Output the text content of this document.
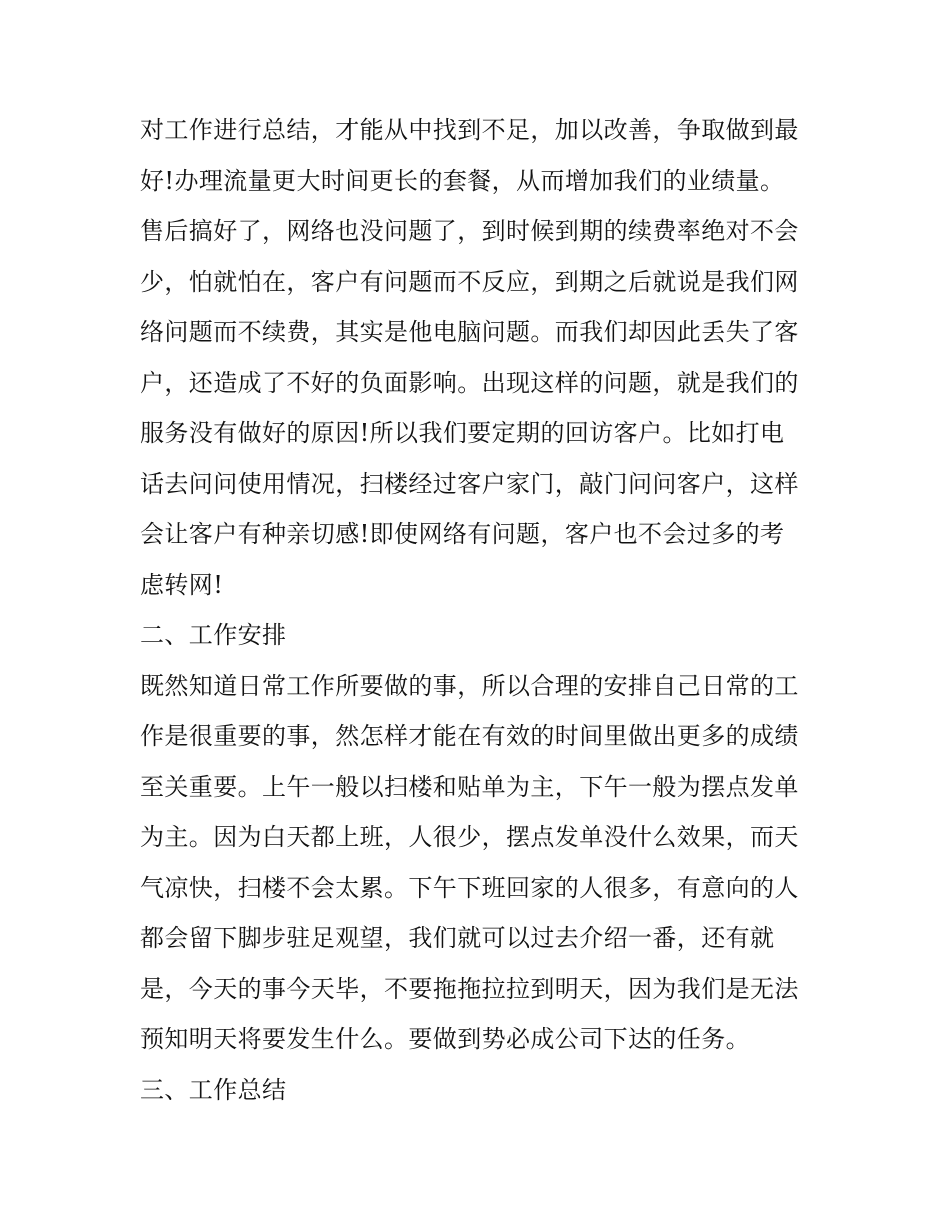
对工作进行总结，才能从中找到不足，加以改善，争取做到最
好!办理流量更大时间更长的套餐，从而增加我们的业绩量。
售后搞好了，网络也没问题了，到时候到期的续费率绝对不会
少，怕就怕在，客户有问题而不反应，到期之后就说是我们网
络问题而不续费，其实是他电脑问题。而我们却因此丢失了客
户，还造成了不好的负面影响。出现这样的问题，就是我们的
服务没有做好的原因!所以我们要定期的回访客户。比如打电
话去问问使用情况，扫楼经过客户家门，敲门问问客户，这样
会让客户有种亲切感!即使网络有问题，客户也不会过多的考
虑转网!
二、工作安排
既然知道日常工作所要做的事，所以合理的安排自己日常的工
作是很重要的事，然怎样才能在有效的时间里做出更多的成绩
至关重要。上午一般以扫楼和贴单为主，下午一般为摆点发单
为主。因为白天都上班，人很少，摆点发单没什么效果，而天
气凉快，扫楼不会太累。下午下班回家的人很多，有意向的人
都会留下脚步驻足观望，我们就可以过去介绍一番，还有就
是，今天的事今天毕，不要拖拖拉拉到明天，因为我们是无法
预知明天将要发生什么。要做到势必成公司下达的任务。
三、工作总结
